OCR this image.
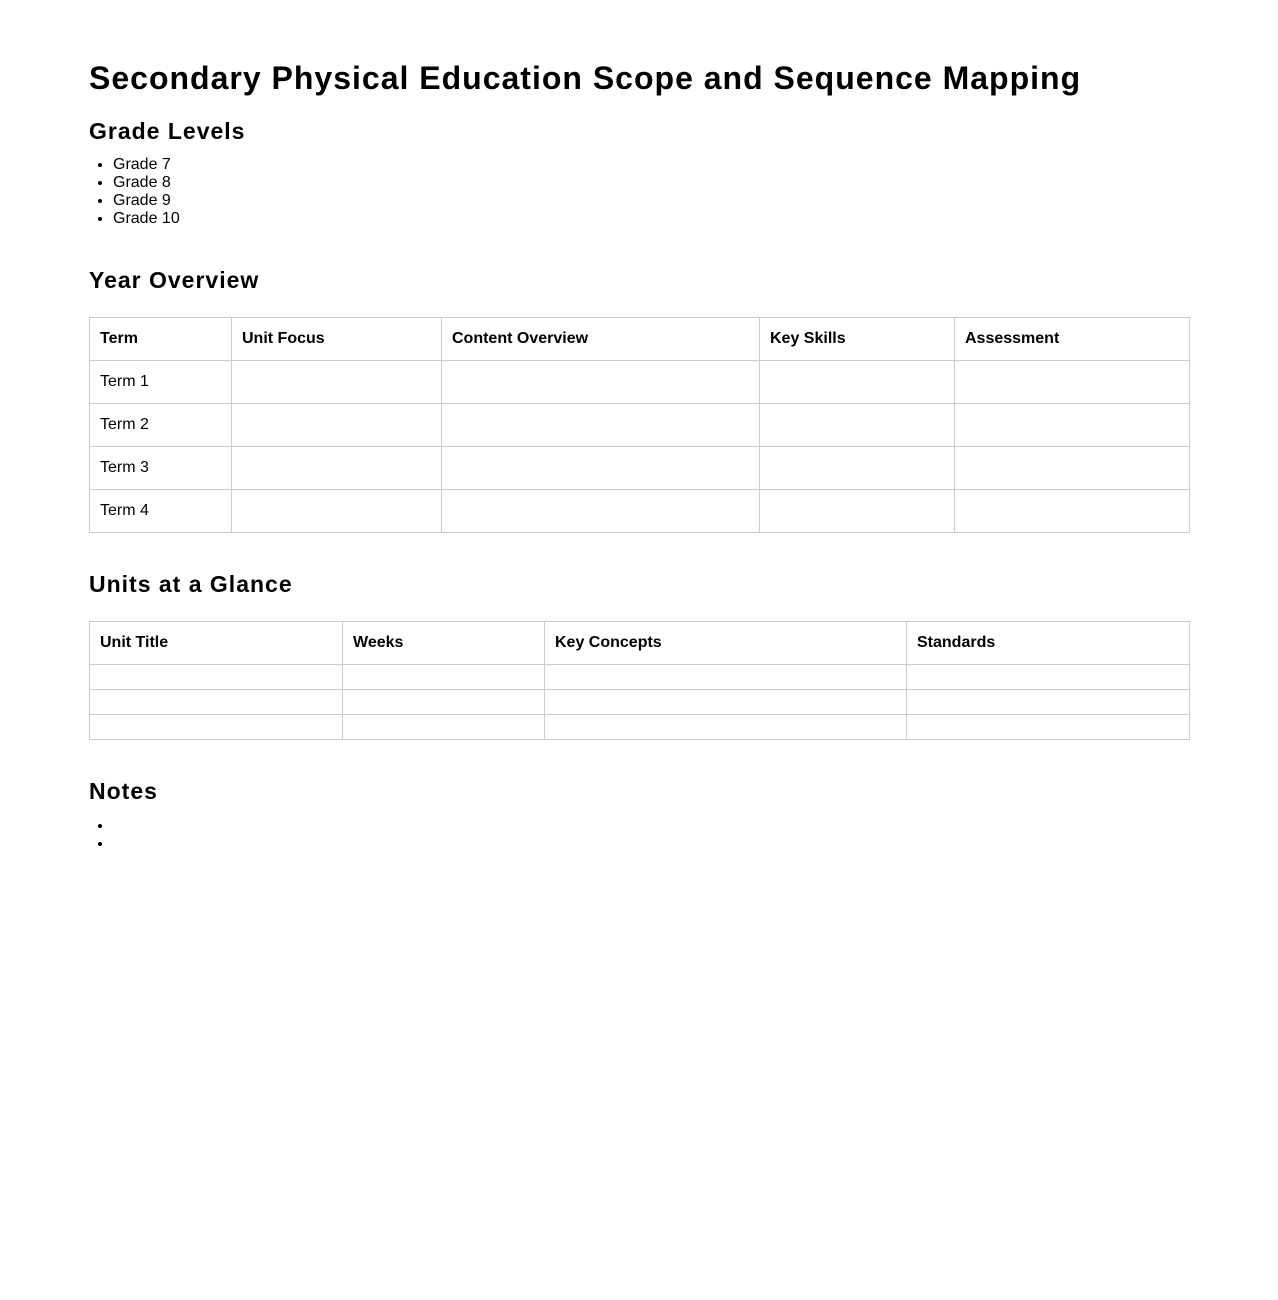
Secondary Physical Education Scope and Sequence Mapping
Grade Levels
• Grade 7
• Grade 8
• Grade 9
• Grade 10
Year Overview
Term	Unit Focus	Content Overview	Key Skills	Assessment
Term 1				
Term 2				
Term 3				
Term 4				
Units at a Glance
Unit Title	Weeks	Key Concepts	Standards

Notes
